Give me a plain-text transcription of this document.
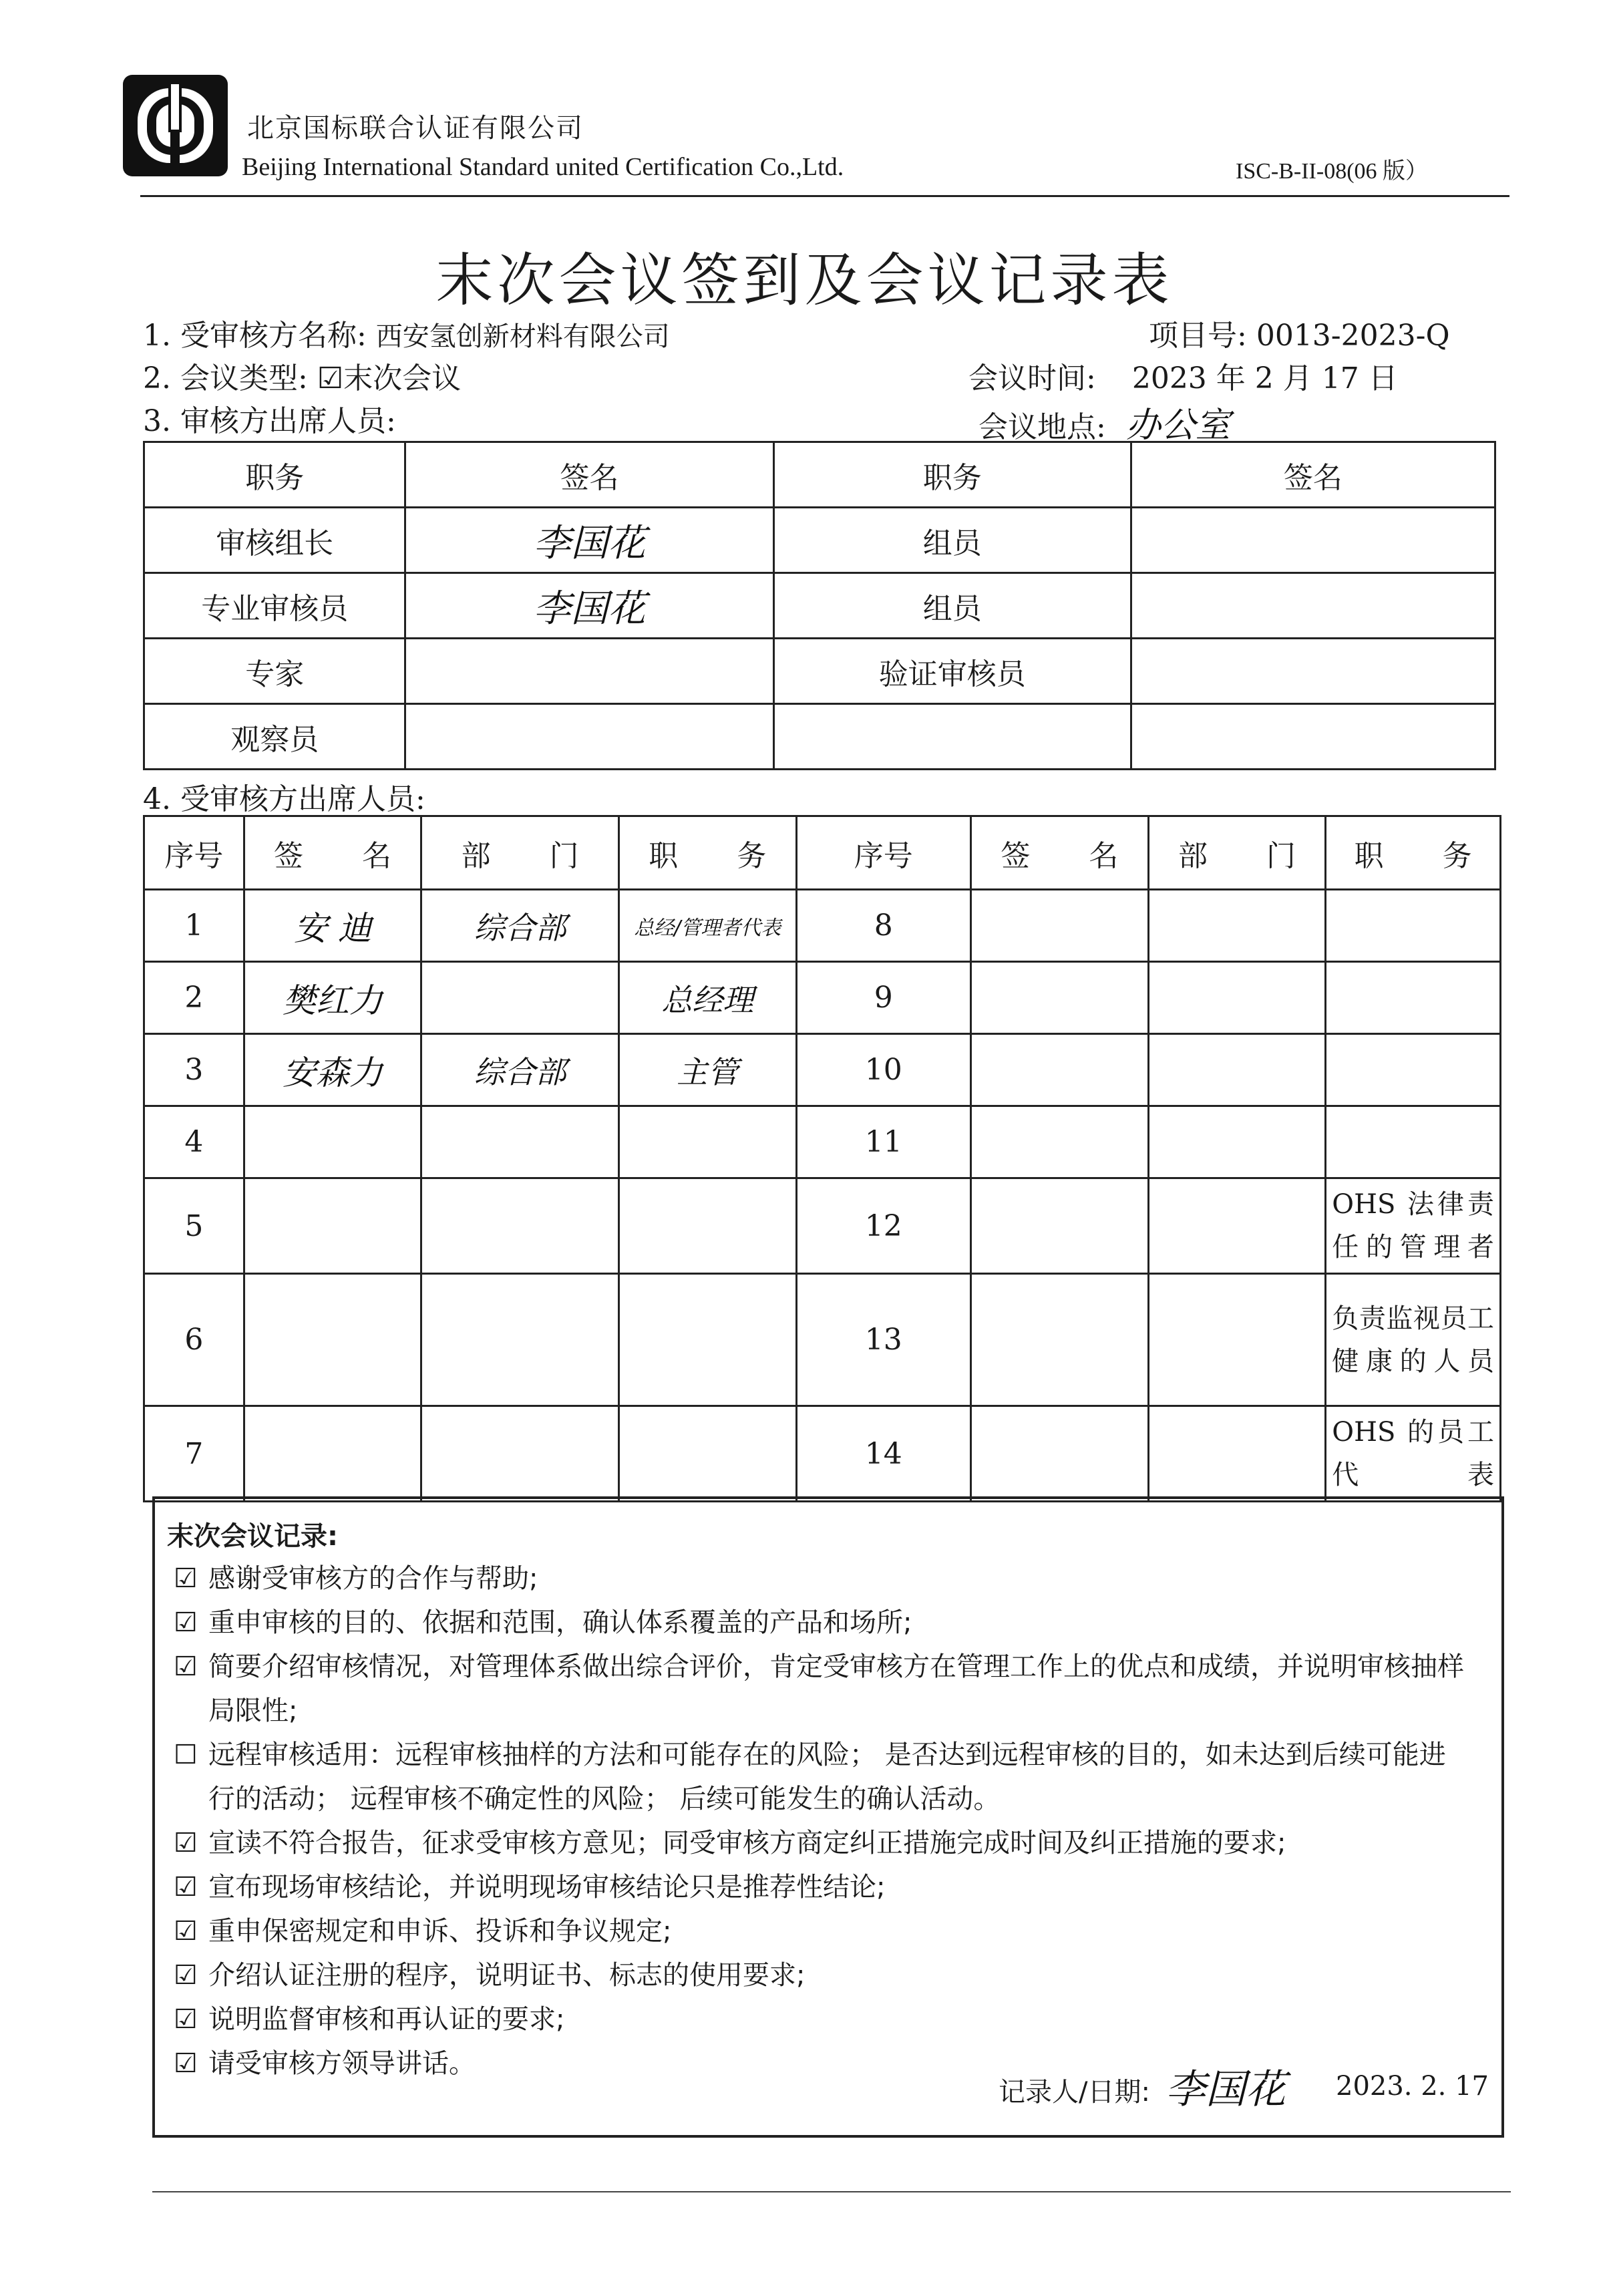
北京国标联合认证有限公司
Beijing International Standard united Certification Co.,Ltd.	ISC-B-II-08(06 版）
末次会议签到及会议记录表
1. 受审核方名称: 西安氢创新材料有限公司	项目号: 0013-2023-Q
2. 会议类型: ☑末次会议	会议时间: 2023 年 2 月 17 日
3. 审核方出席人员:	会议地点: 办公室
职务	签名	职务	签名
审核组长	李国花	组员	
专业审核员	李国花	组员	
专家		验证审核员	
观察员			
4. 受审核方出席人员:
序号	签　　名	部　　门	职　　务	序号	签　　名	部　　门	职　　务
1	安 迪	综合部	总经/管理者代表	8			
2	樊红力		总经理	9			
3	安森力	综合部	主管	10			
4				11			
5				12			OHS 法律责任的管理者
6				13			负责监视员工健康的人员
7				14			OHS 的员工代表
末次会议记录:
☑ 感谢受审核方的合作与帮助;
☑ 重申审核的目的、依据和范围，确认体系覆盖的产品和场所;
☑ 简要介绍审核情况，对管理体系做出综合评价，肯定受审核方在管理工作上的优点和成绩，并说明审核抽样局限性;
☐ 远程审核适用：远程审核抽样的方法和可能存在的风险； 是否达到远程审核的目的，如未达到后续可能进行的活动； 远程审核不确定性的风险； 后续可能发生的确认活动。
☑ 宣读不符合报告，征求受审核方意见；同受审核方商定纠正措施完成时间及纠正措施的要求;
☑ 宣布现场审核结论，并说明现场审核结论只是推荐性结论;
☑ 重申保密规定和申诉、投诉和争议规定;
☑ 介绍认证注册的程序，说明证书、标志的使用要求;
☑ 说明监督审核和再认证的要求;
☑ 请受审核方领导讲话。
记录人/日期: 李国花 2023. 2. 17
